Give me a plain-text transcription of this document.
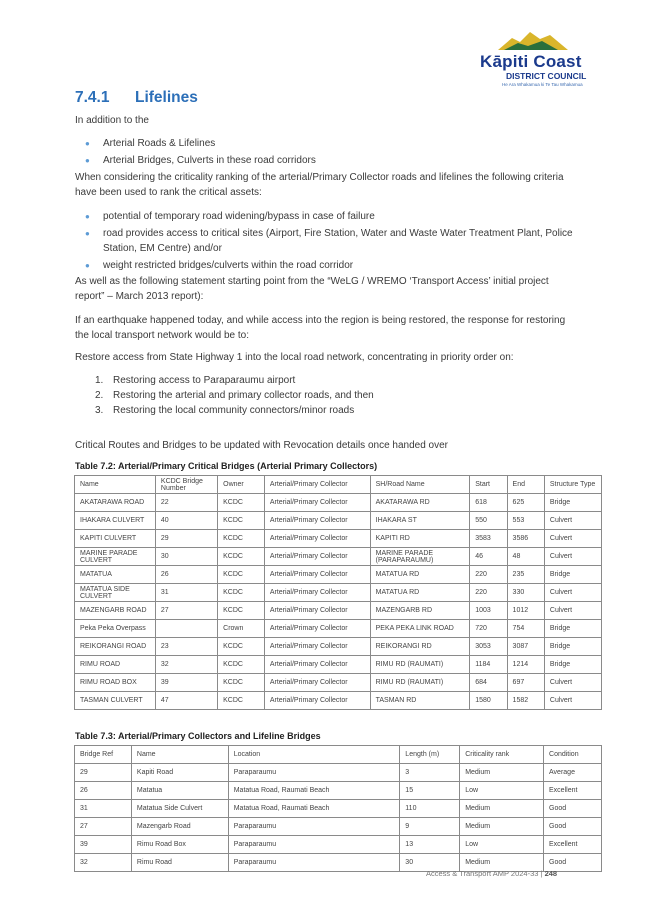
Kāpiti Coast
DISTRICT COUNCIL
He Ara Whakamua ki Te Tau Whakamua
7.4.1 Lifelines
In addition to the
● Arterial Roads & Lifelines
● Arterial Bridges, Culverts in these road corridors
When considering the criticality ranking of the arterial/Primary Collector roads and lifelines the following criteria have been used to rank the critical assets:
● potential of temporary road widening/bypass in case of failure
● road provides access to critical sites (Airport, Fire Station, Water and Waste Water Treatment Plant, Police Station, EM Centre) and/or
● weight restricted bridges/culverts within the road corridor
As well as the following statement starting point from the “WeLG / WREMO ‘Transport Access’ initial project report” – March 2013 report):
If an earthquake happened today, and while access into the region is being restored, the response for restoring the local transport network would be to:
Restore access from State Highway 1 into the local road network, concentrating in priority order on:
1. Restoring access to Paraparaumu airport
2. Restoring the arterial and primary collector roads, and then
3. Restoring the local community connectors/minor roads
Critical Routes and Bridges to be updated with Revocation details once handed over
Table 7.2: Arterial/Primary Critical Bridges (Arterial Primary Collectors)
Name	KCDC Bridge Number	Owner	Arterial/Primary Collector	SH/Road Name	Start	End	Structure Type
AKATARAWA ROAD	22	KCDC	Arterial/Primary Collector	AKATARAWA RD	618	625	Bridge
IHAKARA CULVERT	40	KCDC	Arterial/Primary Collector	IHAKARA ST	550	553	Culvert
KAPITI CULVERT	29	KCDC	Arterial/Primary Collector	KAPITI RD	3583	3586	Culvert
MARINE PARADE CULVERT	30	KCDC	Arterial/Primary Collector	MARINE PARADE (PARAPARAUMU)	46	48	Culvert
MATATUA	26	KCDC	Arterial/Primary Collector	MATATUA RD	220	235	Bridge
MATATUA SIDE CULVERT	31	KCDC	Arterial/Primary Collector	MATATUA RD	220	330	Culvert
MAZENGARB ROAD	27	KCDC	Arterial/Primary Collector	MAZENGARB RD	1003	1012	Culvert
Peka Peka Overpass		Crown	Arterial/Primary Collector	PEKA PEKA LINK ROAD	720	754	Bridge
REIKORANGI ROAD	23	KCDC	Arterial/Primary Collector	REIKORANGI RD	3053	3087	Bridge
RIMU ROAD	32	KCDC	Arterial/Primary Collector	RIMU RD (RAUMATI)	1184	1214	Bridge
RIMU ROAD BOX	39	KCDC	Arterial/Primary Collector	RIMU RD (RAUMATI)	684	697	Culvert
TASMAN CULVERT	47	KCDC	Arterial/Primary Collector	TASMAN RD	1580	1582	Culvert
Table 7.3: Arterial/Primary Collectors and Lifeline Bridges
Bridge Ref	Name	Location	Length (m)	Criticality rank	Condition
29	Kapiti Road	Paraparaumu	3	Medium	Average
26	Matatua	Matatua Road, Raumati Beach	15	Low	Excellent
31	Matatua Side Culvert	Matatua Road, Raumati Beach	110	Medium	Good
27	Mazengarb Road	Paraparaumu	9	Medium	Good
39	Rimu Road Box	Paraparaumu	13	Low	Excellent
32	Rimu Road	Paraparaumu	30	Medium	Good
Access & Transport AMP 2024-33 | 248
